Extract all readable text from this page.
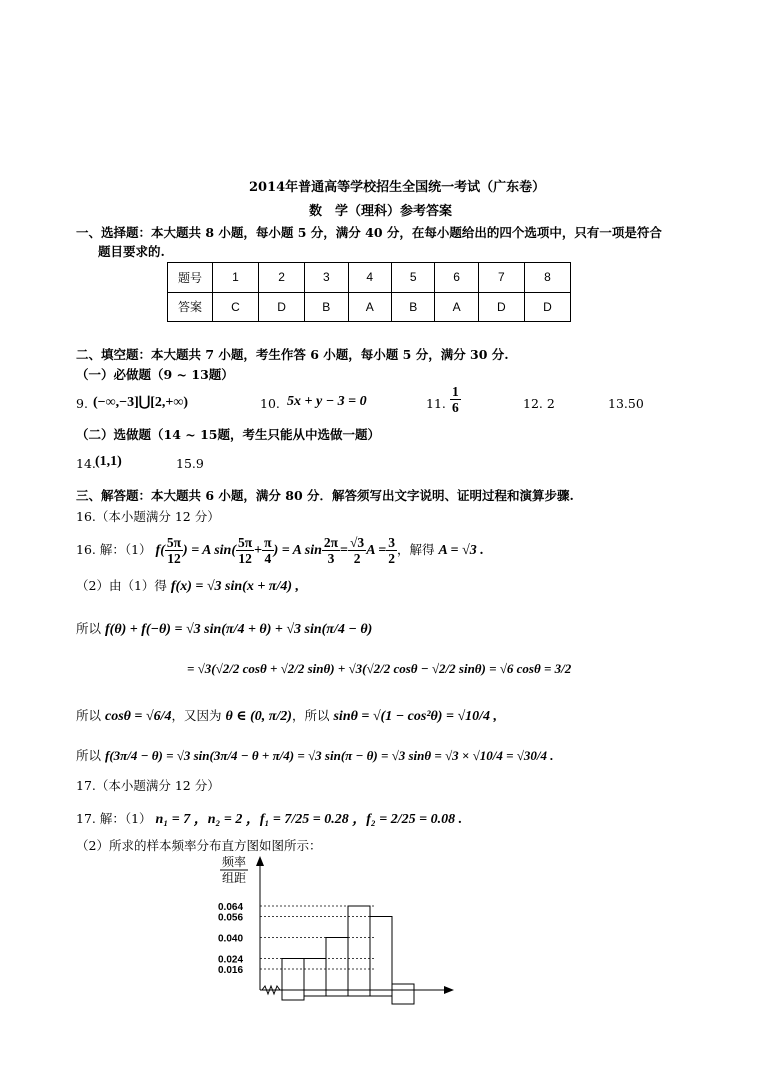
2014年普通高等学校招生全国统一考试（广东卷）
数　学（理科）参考答案
一、选择题：本大题共 8 小题，每小题 5 分，满分 40 分，在每小题给出的四个选项中，只有一项是符合
题目要求的.
题号	1	2	3	4	5	6	7	8
答案	C	D	B	A	B	A	D	D
二、填空题：本大题共 7 小题，考生作答 6 小题，每小题 5 分，满分 30 分.
（一）必做题（9 ~ 13题）
9. (−∞,−3]⋃[2,+∞)	10. 5x + y − 3 = 0	11. $\frac{1}{6}$	12. 2	13.50
（二）选做题（14 ~ 15题，考生只能从中选做一题）
14. (1,1)	15.9
三、解答题：本大题共 6 小题，满分 80 分．解答须写出文字说明、证明过程和演算步骤.
16.（本小题满分 12 分）
16. 解：（1） $f( \frac{5\pi}{12}$ ) = A $\sin( \frac{5\pi}{12} + \frac{\pi}{4}$ ) = A $\sin \frac{2\pi}{3} = \frac{√3}{2}$ $A = \frac{3}{2}$ ，解得 A = √3 .
（2）由（1）得 f(x) = √3 sin(x + π/4) ,
所以 f(θ) + f(−θ) = √3 sin(π/4 + θ) + √3 sin(π/4 − θ)
= √3(√2/2 cosθ + √2/2 sinθ) + √3(√2/2 cosθ − √2/2 sinθ) = √6 cosθ = 3/2
所以 cosθ = √6/4，又因为 θ ∈ (0, π/2)，所以 sinθ = √(1 − cos²θ) = √10/4 ,
所以 f(3π/4 − θ) = √3 sin(3π/4 − θ + π/4) = √3 sin(π − θ) = √3 sinθ = √3 × √10/4 = √30/4 .
17.（本小题满分 12 分）
17. 解：（1） n₁ = 7 ，n₂ = 2 ，f₁ = 7/25 = 0.28 ，f₂ = 2/25 = 0.08 .
（2）所求的样本频率分布直方图如图所示：
频率
组距
0.064
0.056
0.040
0.024
0.016
